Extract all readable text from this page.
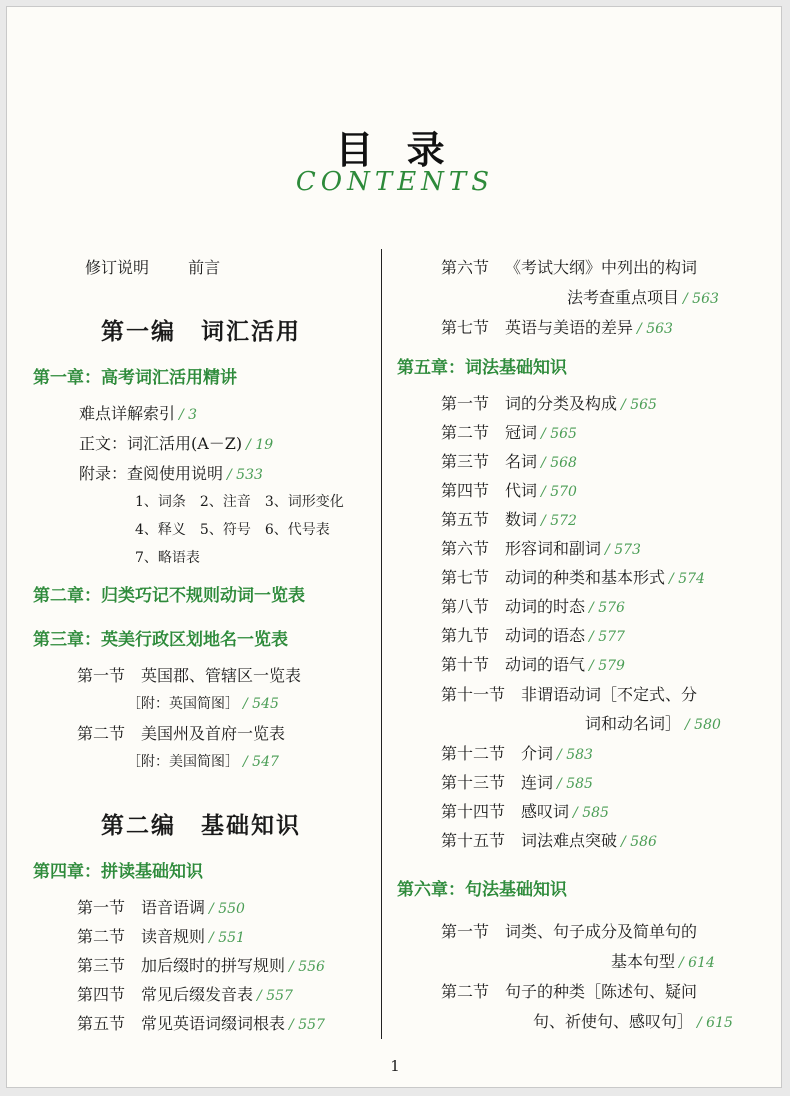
目 录
CONTENTS
修订说明 前言
第一编　词汇活用
第一章：高考词汇活用精讲
难点详解索引 / 3
正文：词汇活用(A－Z) / 19
附录：查阅使用说明 / 533
1、词条　2、注音　3、词形变化
4、释义　5、符号　6、代号表
7、略语表
第二章：归类巧记不规则动词一览表
第三章：英美行政区划地名一览表
第一节 英国郡、管辖区一览表
［附：英国简图］ / 545
第二节 美国州及首府一览表
［附：美国简图］ / 547
第二编　基础知识
第四章：拼读基础知识
第一节 语音语调 / 550
第二节 读音规则 / 551
第三节 加后缀时的拼写规则 / 556
第四节 常见后缀发音表 / 557
第五节 常见英语词缀词根表 / 557
第六节 《考试大纲》中列出的构词
法考查重点项目 / 563
第七节 英语与美语的差异 / 563
第五章：词法基础知识
第一节 词的分类及构成 / 565
第二节 冠词 / 565
第三节 名词 / 568
第四节 代词 / 570
第五节 数词 / 572
第六节 形容词和副词 / 573
第七节 动词的种类和基本形式 / 574
第八节 动词的时态 / 576
第九节 动词的语态 / 577
第十节 动词的语气 / 579
第十一节 非谓语动词［不定式、分
词和动名词］ / 580
第十二节 介词 / 583
第十三节 连词 / 585
第十四节 感叹词 / 585
第十五节 词法难点突破 / 586
第六章：句法基础知识
第一节 词类、句子成分及简单句的
基本句型 / 614
第二节 句子的种类［陈述句、疑问
句、祈使句、感叹句］ / 615
1
